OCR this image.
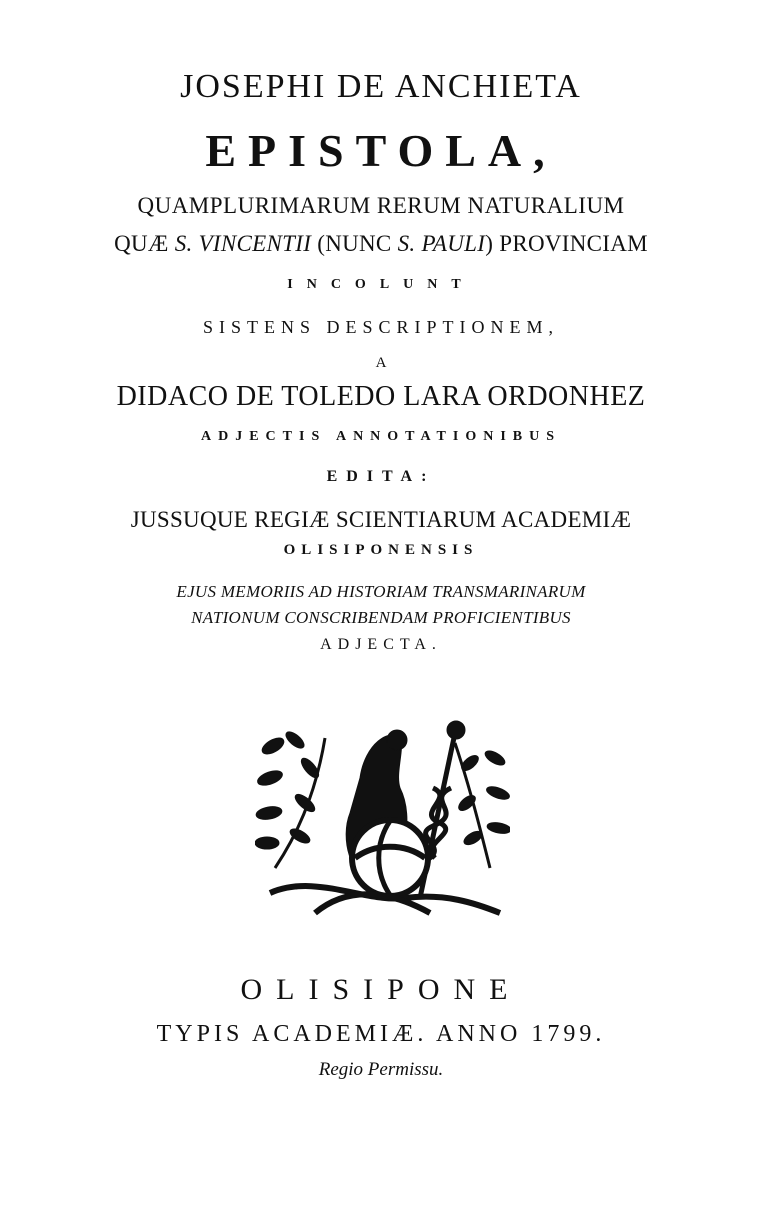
JOSEPHI DE ANCHIETA
EPISTOLA,
QUAMPLURIMARUM RERUM NATURALIUM
QUÆ S. VINCENTII (NUNC S. PAULI) PROVINCIAM
INCOLUNT
SISTENS DESCRIPTIONEM,
A
DIDACO DE TOLEDO LARA ORDONHEZ
ADJECTIS ANNOTATIONIBUS
EDITA:
JUSSUQUE REGIÆ SCIENTIARUM ACADEMIÆ
OLISIPONENSIS
EJUS MEMORIIS AD HISTORIAM TRANSMARINARUM
NATIONUM CONSCRIBENDAM PROFICIENTIBUS
ADJECTA.
OLISIPONE
TYPIS ACADEMIÆ. ANNO 1799.
Regio Permissu.
